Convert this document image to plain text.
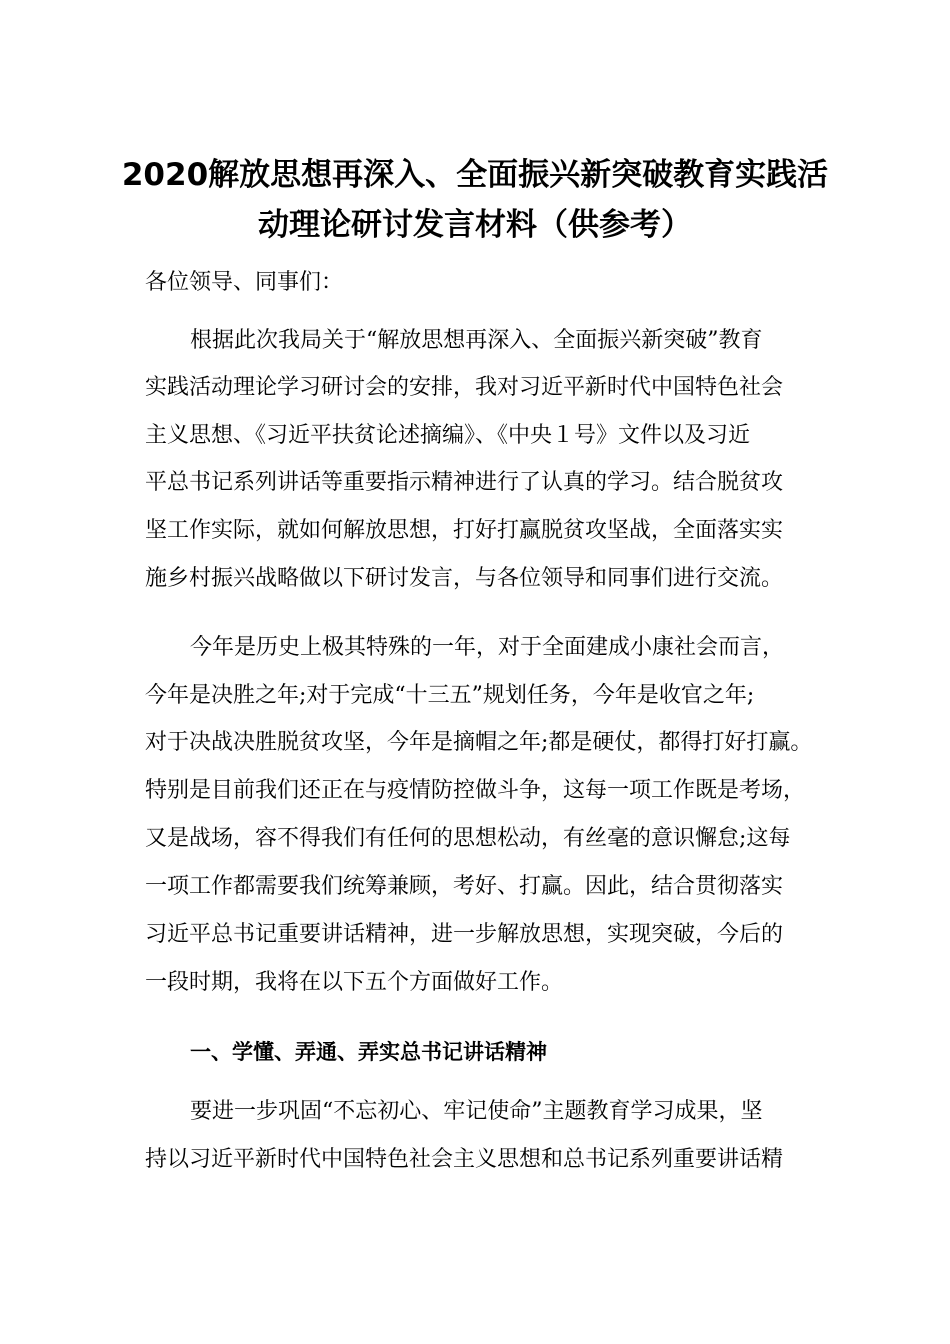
2020解放思想再深入、全面振兴新突破教育实践活
动理论研讨发言材料（供参考）

各位领导、同事们：

根据此次我局关于“解放思想再深入、全面振兴新突破”教育

实践活动理论学习研讨会的安排，我对习近平新时代中国特色社会

主义思想、《习近平扶贫论述摘编》、《中央１号》文件以及习近

平总书记系列讲话等重要指示精神进行了认真的学习。结合脱贫攻

坚工作实际，就如何解放思想，打好打赢脱贫攻坚战，全面落实实

施乡村振兴战略做以下研讨发言，与各位领导和同事们进行交流。

今年是历史上极其特殊的一年，对于全面建成小康社会而言，

今年是决胜之年;对于完成“十三五”规划任务，今年是收官之年;

对于决战决胜脱贫攻坚，今年是摘帽之年;都是硬仗，都得打好打赢。

特别是目前我们还正在与疫情防控做斗争，这每一项工作既是考场，

又是战场，容不得我们有任何的思想松动，有丝毫的意识懈怠;这每

一项工作都需要我们统筹兼顾，考好、打赢。因此，结合贯彻落实

习近平总书记重要讲话精神，进一步解放思想，实现突破，今后的

一段时期，我将在以下五个方面做好工作。

一、学懂、弄通、弄实总书记讲话精神

要进一步巩固“不忘初心、牢记使命”主题教育学习成果，坚

持以习近平新时代中国特色社会主义思想和总书记系列重要讲话精
